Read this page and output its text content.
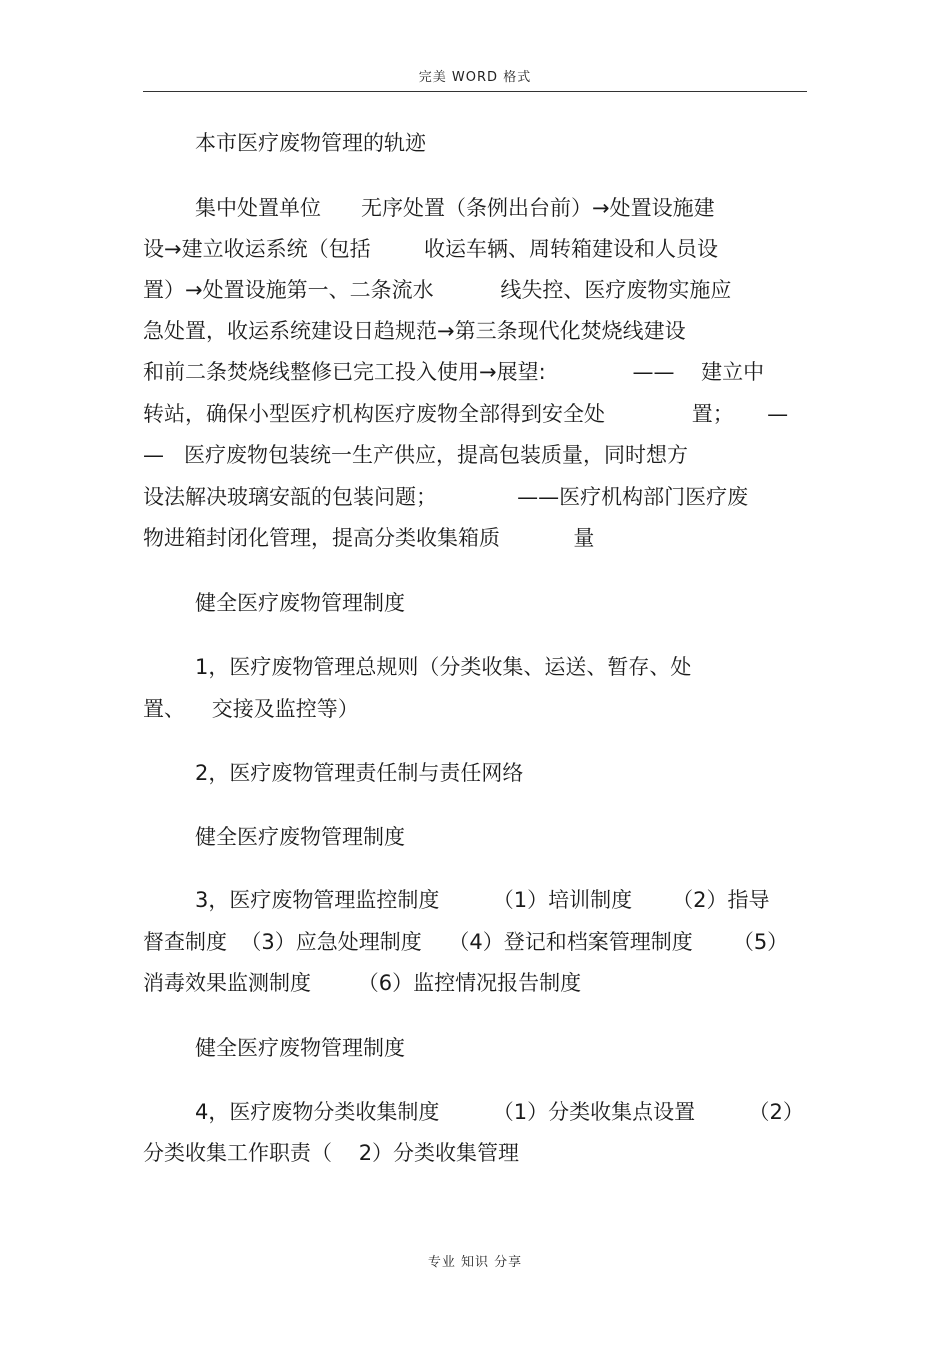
完美 WORD 格式
本市医疗废物管理的轨迹
集中处置单位      无序处置（条例出台前）→处置设施建
设→建立收运系统（包括        收运车辆、周转箱建设和人员设
置）→处置设施第一、二条流水          线失控、医疗废物实施应
急处置，收运系统建设日趋规范→第三条现代化焚烧线建设
和前二条焚烧线整修已完工投入使用→展望:             ——    建立中
转站，确保小型医疗机构医疗废物全部得到安全处             置；     —
—   医疗废物包装统一生产供应，提高包装质量，同时想方
设法解决玻璃安瓿的包装问题；            ——医疗机构部门医疗废
物进箱封闭化管理，提高分类收集箱质           量
健全医疗废物管理制度
1，医疗废物管理总规则（分类收集、运送、暂存、处
置、    交接及监控等）
2，医疗废物管理责任制与责任网络
健全医疗废物管理制度
3，医疗废物管理监控制度        （1）培训制度      （2）指导
督查制度  （3）应急处理制度    （4）登记和档案管理制度      （5）
消毒效果监测制度       （6）监控情况报告制度
健全医疗废物管理制度
4，医疗废物分类收集制度        （1）分类收集点设置        （2）
分类收集工作职责（    2）分类收集管理
专业 知识 分享
